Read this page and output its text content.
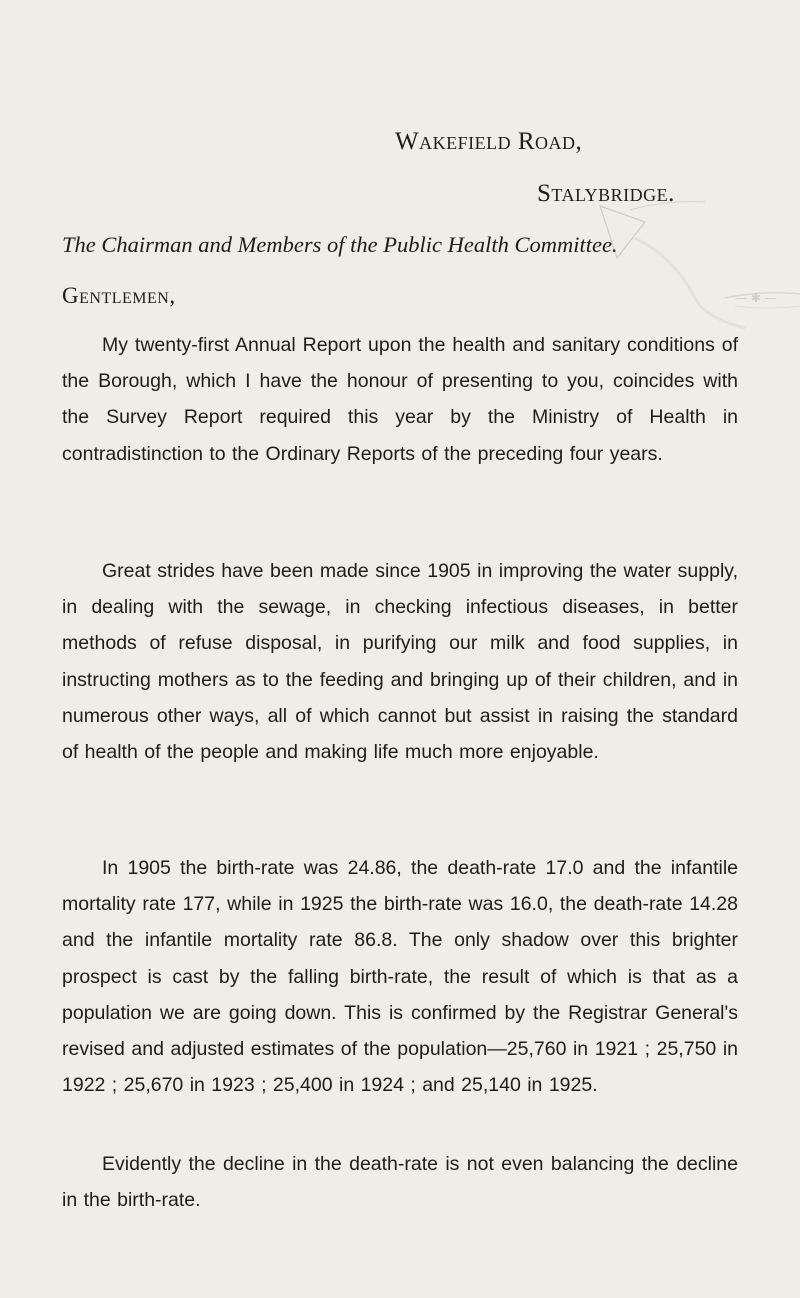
Wakefield Road,
Stalybridge.
— ✱ —
The Chairman and Members of the Public Health Committee.
Gentlemen,

My twenty-first Annual Report upon the health and sanitary conditions of the Borough, which I have the honour of presenting to you, coincides with the Survey Report required this year by the Ministry of Health in contradistinction to the Ordinary Reports of the preceding four years.

Great strides have been made since 1905 in improving the water supply, in dealing with the sewage, in checking infectious diseases, in better methods of refuse disposal, in purifying our milk and food supplies, in instructing mothers as to the feeding and bringing up of their children, and in numerous other ways, all of which cannot but assist in raising the standard of health of the people and making life much more enjoyable.

In 1905 the birth-rate was 24.86, the death-rate 17.0 and the infantile mortality rate 177, while in 1925 the birth-rate was 16.0, the death-rate 14.28 and the infantile mortality rate 86.8. The only shadow over this brighter prospect is cast by the falling birth-rate, the result of which is that as a population we are going down. This is confirmed by the Registrar General's revised and adjusted estimates of the population—25,760 in 1921 ; 25,750 in 1922 ; 25,670 in 1923 ; 25,400 in 1924 ; and 25,140 in 1925.

Evidently the decline in the death-rate is not even balancing the decline in the birth-rate.
